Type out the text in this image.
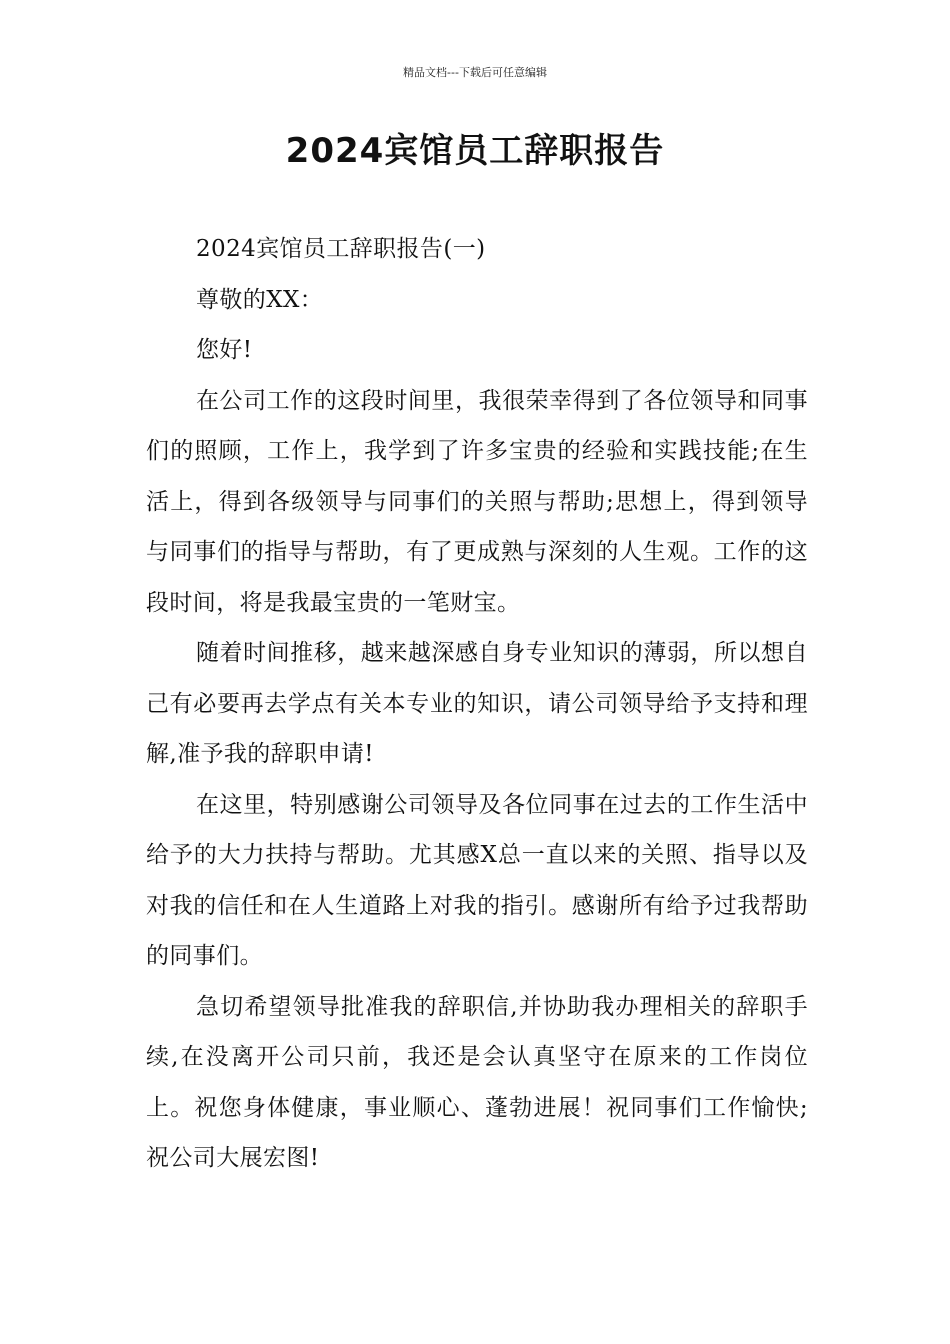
精品文档---下载后可任意编辑
2024宾馆员工辞职报告

2024宾馆员工辞职报告(一)

尊敬的XX：

您好!

在公司工作的这段时间里，我很荣幸得到了各位领导和同事们的照顾，工作上，我学到了许多宝贵的经验和实践技能;在生活上，得到各级领导与同事们的关照与帮助;思想上，得到领导与同事们的指导与帮助，有了更成熟与深刻的人生观。工作的这段时间，将是我最宝贵的一笔财宝。

随着时间推移，越来越深感自身专业知识的薄弱，所以想自己有必要再去学点有关本专业的知识，请公司领导给予支持和理解,准予我的辞职申请!

在这里，特别感谢公司领导及各位同事在过去的工作生活中给予的大力扶持与帮助。尤其感X总一直以来的关照、指导以及对我的信任和在人生道路上对我的指引。感谢所有给予过我帮助的同事们。

急切希望领导批准我的辞职信,并协助我办理相关的辞职手续,在没离开公司只前，我还是会认真坚守在原来的工作岗位上。祝您身体健康，事业顺心、蓬勃进展！祝同事们工作愉快;祝公司大展宏图!
